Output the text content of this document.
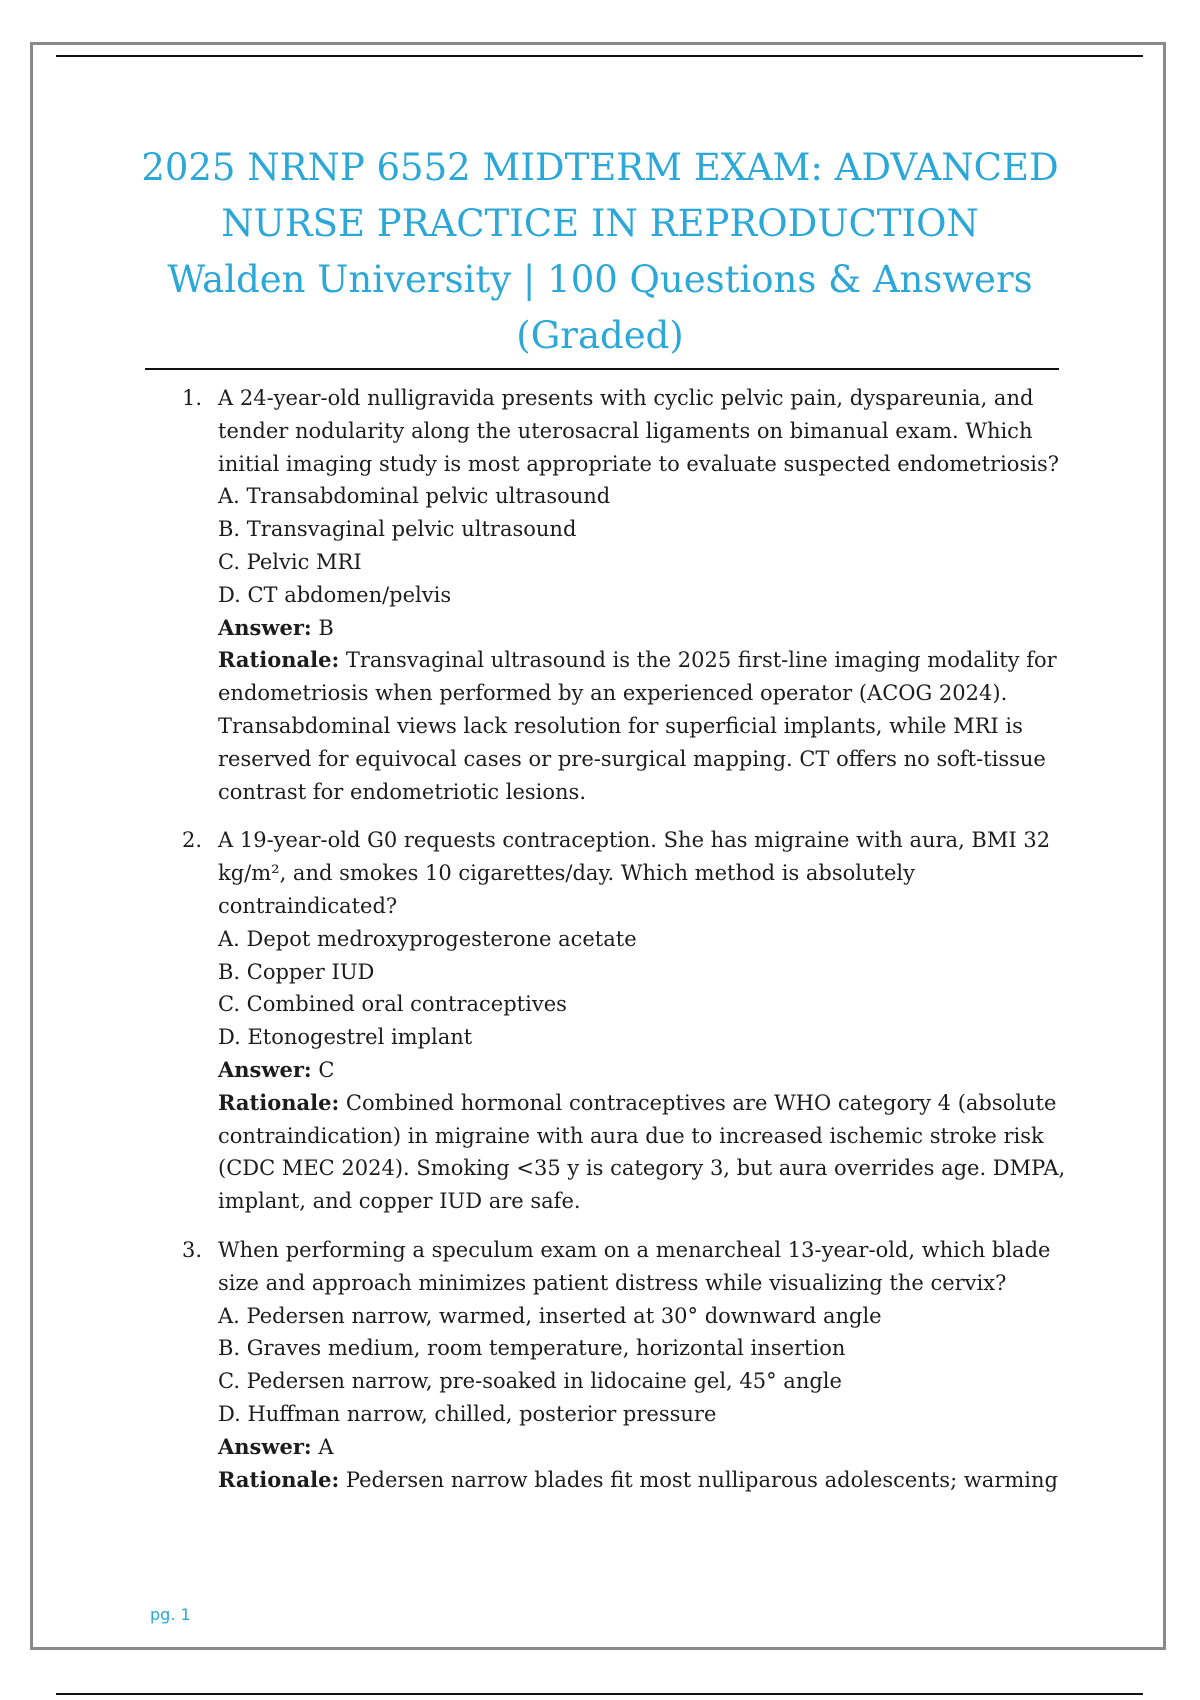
2025 NRNP 6552 MIDTERM EXAM: ADVANCED
NURSE PRACTICE IN REPRODUCTION
Walden University | 100 Questions & Answers
(Graded)
1. A 24-year-old nulligravida presents with cyclic pelvic pain, dyspareunia, and
tender nodularity along the uterosacral ligaments on bimanual exam. Which
initial imaging study is most appropriate to evaluate suspected endometriosis?
A. Transabdominal pelvic ultrasound
B. Transvaginal pelvic ultrasound
C. Pelvic MRI
D. CT abdomen/pelvis
Answer: B
Rationale: Transvaginal ultrasound is the 2025 first-line imaging modality for
endometriosis when performed by an experienced operator (ACOG 2024).
Transabdominal views lack resolution for superficial implants, while MRI is
reserved for equivocal cases or pre-surgical mapping. CT offers no soft-tissue
contrast for endometriotic lesions.
2. A 19-year-old G0 requests contraception. She has migraine with aura, BMI 32
kg/m², and smokes 10 cigarettes/day. Which method is absolutely
contraindicated?
A. Depot medroxyprogesterone acetate
B. Copper IUD
C. Combined oral contraceptives
D. Etonogestrel implant
Answer: C
Rationale: Combined hormonal contraceptives are WHO category 4 (absolute
contraindication) in migraine with aura due to increased ischemic stroke risk
(CDC MEC 2024). Smoking <35 y is category 3, but aura overrides age. DMPA,
implant, and copper IUD are safe.
3. When performing a speculum exam on a menarcheal 13-year-old, which blade
size and approach minimizes patient distress while visualizing the cervix?
A. Pedersen narrow, warmed, inserted at 30° downward angle
B. Graves medium, room temperature, horizontal insertion
C. Pedersen narrow, pre-soaked in lidocaine gel, 45° angle
D. Huffman narrow, chilled, posterior pressure
Answer: A
Rationale: Pedersen narrow blades fit most nulliparous adolescents; warming
pg. 1
